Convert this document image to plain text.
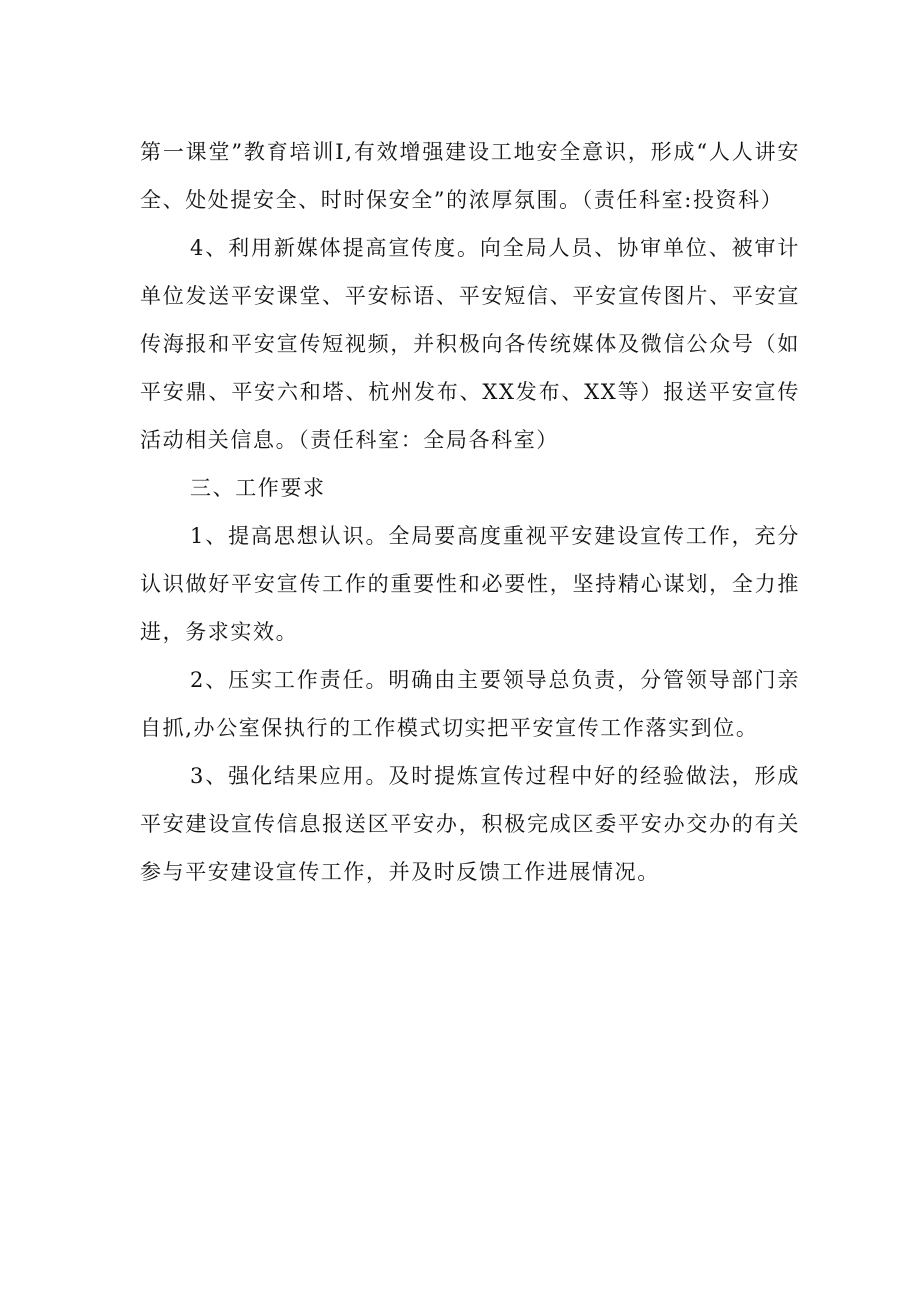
第一课堂”教育培训Ⅰ,有效增强建设工地安全意识，形成“人人讲安全、处处提安全、时时保安全”的浓厚氛围。（责任科室:投资科）

4、利用新媒体提高宣传度。向全局人员、协审单位、被审计单位发送平安课堂、平安标语、平安短信、平安宣传图片、平安宣传海报和平安宣传短视频，并积极向各传统媒体及微信公众号（如平安鼎、平安六和塔、杭州发布、XX发布、XX等）报送平安宣传活动相关信息。（责任科室：全局各科室）

三、工作要求

1、提高思想认识。全局要高度重视平安建设宣传工作，充分认识做好平安宣传工作的重要性和必要性，坚持精心谋划，全力推进，务求实效。

2、压实工作责任。明确由主要领导总负责，分管领导部门亲自抓,办公室保执行的工作模式切实把平安宣传工作落实到位。

3、强化结果应用。及时提炼宣传过程中好的经验做法，形成平安建设宣传信息报送区平安办，积极完成区委平安办交办的有关参与平安建设宣传工作，并及时反馈工作进展情况。
